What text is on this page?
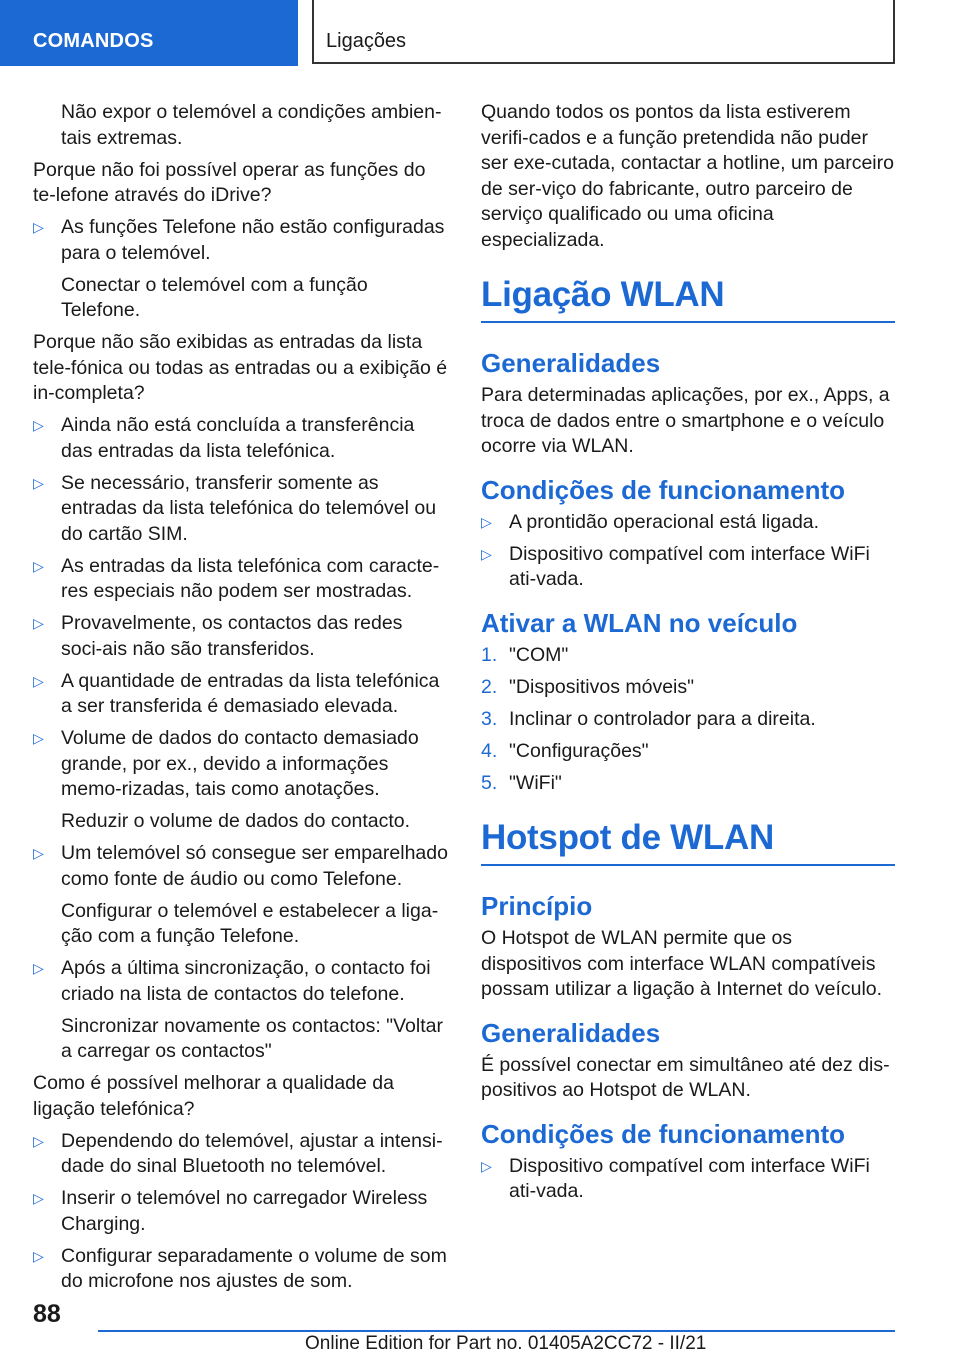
COMANDOS	Ligações

Não expor o telemóvel a condições ambien-tais extremas.

Porque não foi possível operar as funções do te-lefone através do iDrive?

▷ As funções Telefone não estão configuradas para o telemóvel.

Conectar o telemóvel com a função Telefone.

Porque não são exibidas as entradas da lista tele-fónica ou todas as entradas ou a exibição é in-completa?

▷ Ainda não está concluída a transferência das entradas da lista telefónica.
▷ Se necessário, transferir somente as entradas da lista telefónica do telemóvel ou do cartão SIM.
▷ As entradas da lista telefónica com caracte-res especiais não podem ser mostradas.
▷ Provavelmente, os contactos das redes soci-ais não são transferidos.
▷ A quantidade de entradas da lista telefónica a ser transferida é demasiado elevada.
▷ Volume de dados do contacto demasiado grande, por ex., devido a informações memo-rizadas, tais como anotações.

Reduzir o volume de dados do contacto.

▷ Um telemóvel só consegue ser emparelhado como fonte de áudio ou como Telefone.

Configurar o telemóvel e estabelecer a liga-ção com a função Telefone.

▷ Após a última sincronização, o contacto foi criado na lista de contactos do telefone.

Sincronizar novamente os contactos: "Voltar a carregar os contactos"

Como é possível melhorar a qualidade da ligação telefónica?

▷ Dependendo do telemóvel, ajustar a intensi-dade do sinal Bluetooth no telemóvel.
▷ Inserir o telemóvel no carregador Wireless Charging.
▷ Configurar separadamente o volume de som do microfone nos ajustes de som.

Quando todos os pontos da lista estiverem verifi-cados e a função pretendida não puder ser exe-cutada, contactar a hotline, um parceiro de ser-viço do fabricante, outro parceiro de serviço qualificado ou uma oficina especializada.

Ligação WLAN
Generalidades

Para determinadas aplicações, por ex., Apps, a troca de dados entre o smartphone e o veículo ocorre via WLAN.

Condições de funcionamento
▷ A prontidão operacional está ligada.
▷ Dispositivo compatível com interface WiFi ati-vada.
Ativar a WLAN no veículo
1. "COM"
2. "Dispositivos móveis"
3. Inclinar o controlador para a direita.
4. "Configurações"
5. "WiFi"
Hotspot de WLAN
Princípio

O Hotspot de WLAN permite que os dispositivos com interface WLAN compatíveis possam utilizar a ligação à Internet do veículo.

Generalidades

É possível conectar em simultâneo até dez dis-positivos ao Hotspot de WLAN.

Condições de funcionamento
▷ Dispositivo compatível com interface WiFi ati-vada.
88
Online Edition for Part no. 01405A2CC72 - II/21
